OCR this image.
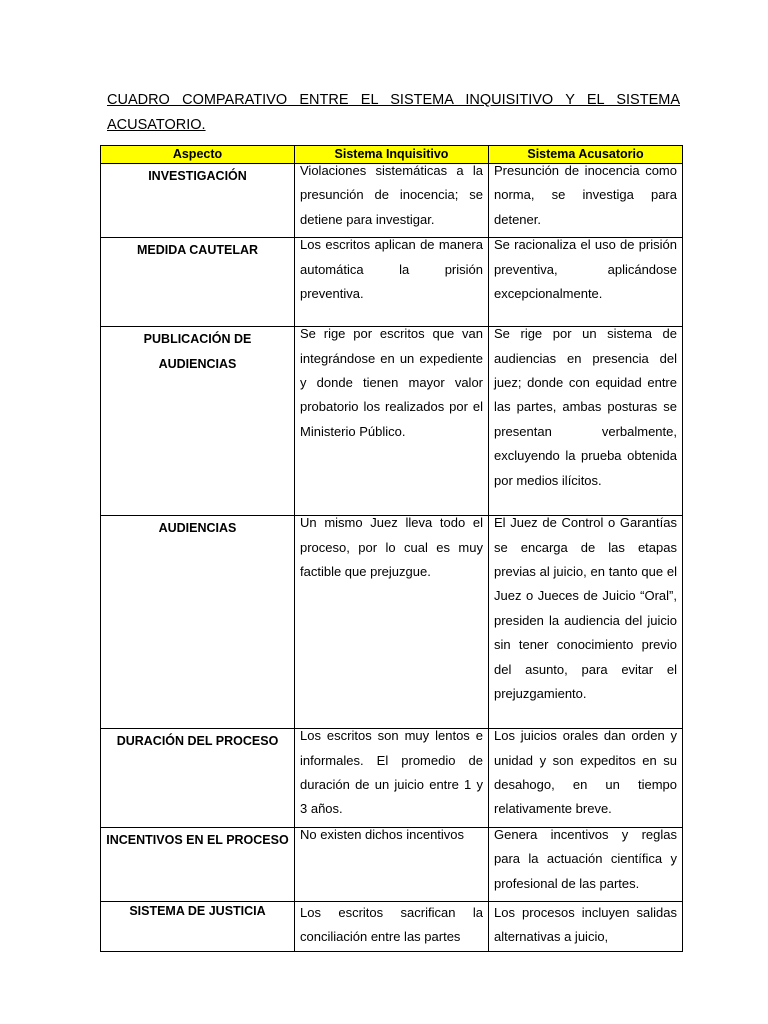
CUADRO COMPARATIVO ENTRE EL SISTEMA INQUISITIVO Y EL SISTEMA
ACUSATORIO.
Aspecto	Sistema Inquisitivo	Sistema Acusatorio
INVESTIGACIÓN	Violaciones sistemáticas a la presunción de inocencia; se detiene para investigar.	Presunción de inocencia como norma, se investiga para detener.

MEDIDA CAUTELAR	Los escritos aplican de manera automática la prisión preventiva.	Se racionaliza el uso de prisión preventiva, aplicándose excepcionalmente.

PUBLICACIÓN DE AUDIENCIAS	Se rige por escritos que van integrándose en un expediente y donde tienen mayor valor probatorio los realizados por el Ministerio Público.	Se rige por un sistema de audiencias en presencia del juez; donde con equidad entre las partes, ambas posturas se presentan verbalmente, excluyendo la prueba obtenida por medios ilícitos.

AUDIENCIAS	Un mismo Juez lleva todo el proceso, por lo cual es muy factible que prejuzgue.	El Juez de Control o Garantías se encarga de las etapas previas al juicio, en tanto que el Juez o Jueces de Juicio “Oral”, presiden la audiencia del juicio sin tener conocimiento previo del asunto, para evitar el prejuzgamiento.

DURACIÓN DEL PROCESO	Los escritos son muy lentos e informales. El promedio de duración de un juicio entre 1 y 3 años.	Los juicios orales dan orden y unidad y son expeditos en su desahogo, en un tiempo relativamente breve.

INCENTIVOS EN EL PROCESO	No existen dichos incentivos	Genera incentivos y reglas para la actuación científica y profesional de las partes.

SISTEMA DE JUSTICIA	Los escritos sacrifican la conciliación entre las partes	Los procesos incluyen salidas alternativas a juicio,
